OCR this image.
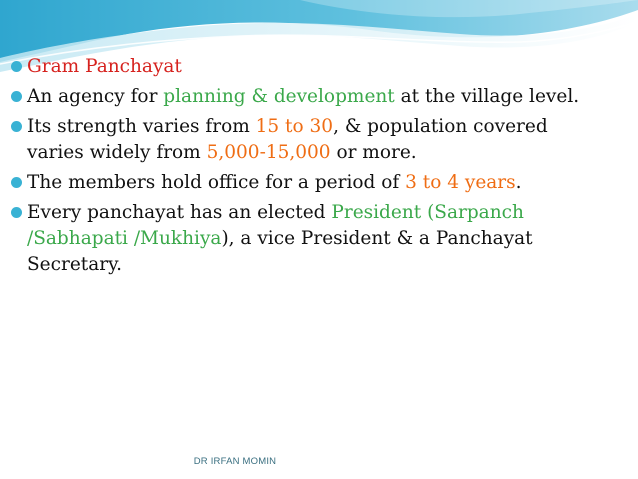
Gram Panchayat
An agency for planning & development at the village level.
Its strength varies from 15 to 30, & population covered varies widely from 5,000-15,000 or more.
The members hold office for a period of 3 to 4 years.
Every panchayat has an elected President (Sarpanch /Sabhapati /Mukhiya), a vice President & a Panchayat Secretary.
DR IRFAN MOMIN
